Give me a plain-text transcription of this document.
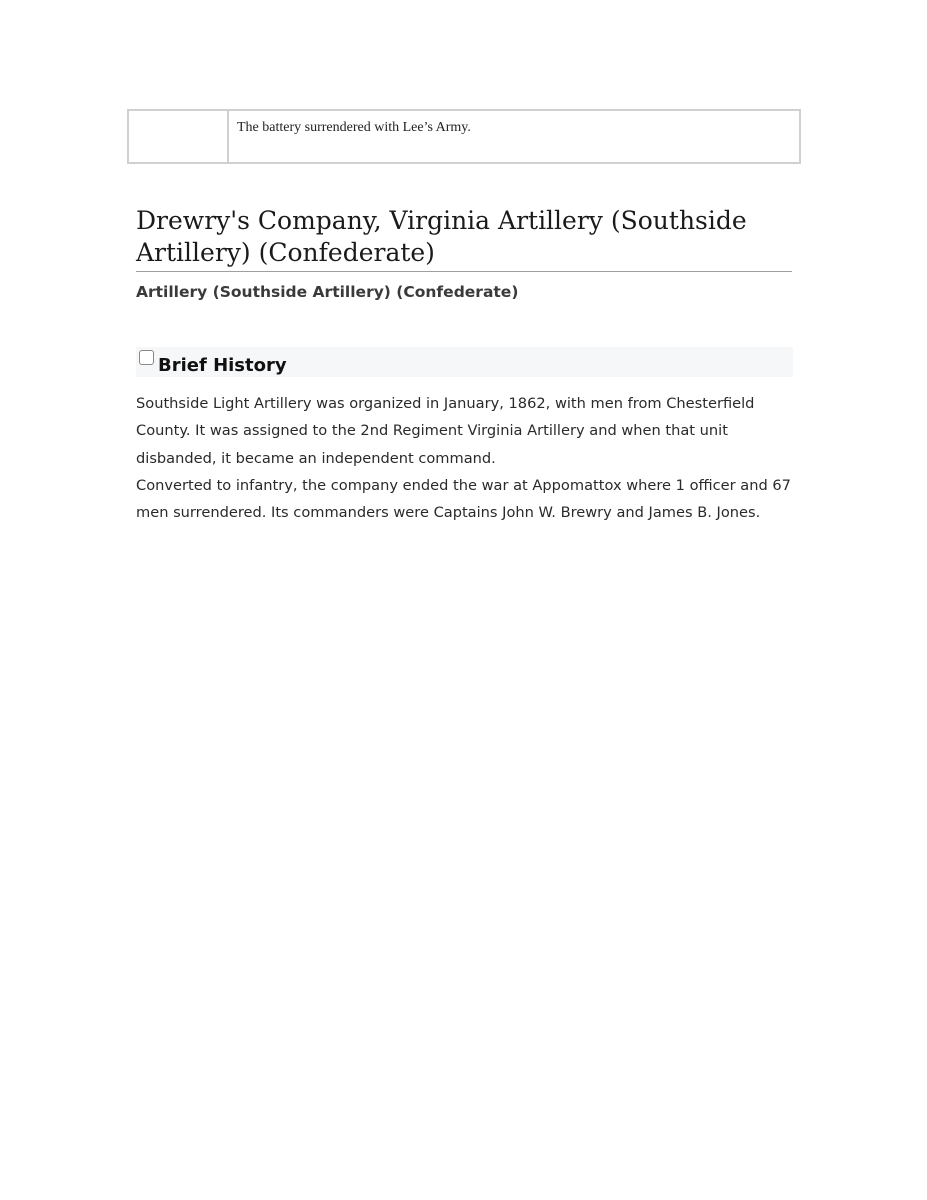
The battery surrendered with Lee’s Army.
Drewry's Company, Virginia Artillery (Southside Artillery) (Confederate)
Artillery (Southside Artillery) (Confederate)
Brief History

Southside Light Artillery was organized in January, 1862, with men from Chesterfield County. It was assigned to the 2nd Regiment Virginia Artillery and when that unit disbanded, it became an independent command.

Converted to infantry, the company ended the war at Appomattox where 1 officer and 67 men surrendered. Its commanders were Captains John W. Brewry and James B. Jones.
